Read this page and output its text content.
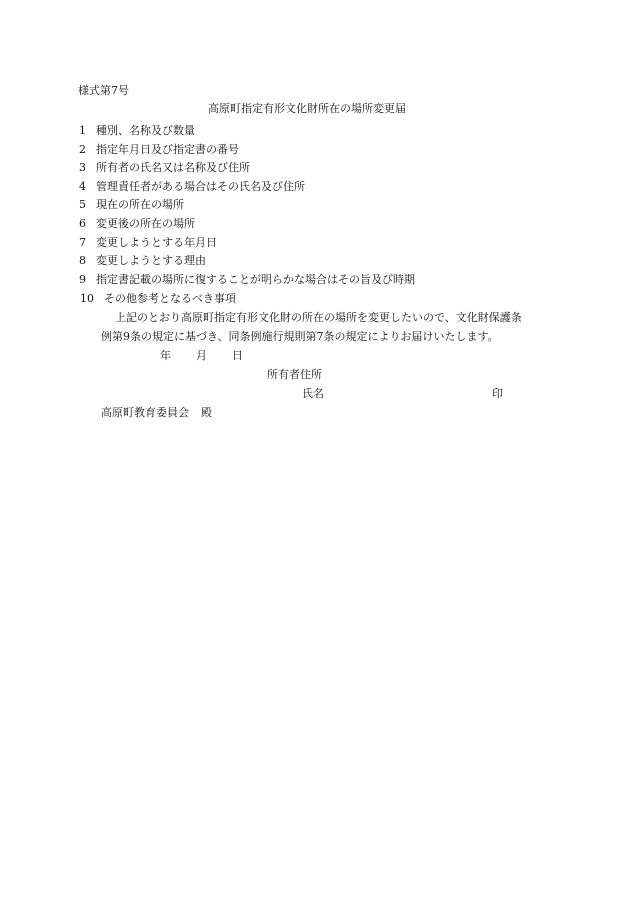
様式第7号
高原町指定有形文化財所在の場所変更届
1 種別、名称及び数量
2 指定年月日及び指定書の番号
3 所有者の氏名又は名称及び住所
4 管理責任者がある場合はその氏名及び住所
5 現在の所在の場所
6 変更後の所在の場所
7 変更しようとする年月日
8 変更しようとする理由
9 指定書記載の場所に復することが明らかな場合はその旨及び時期
10 その他参考となるべき事項
上記のとおり高原町指定有形文化財の所在の場所を変更したいので、文化財保護条
例第9条の規定に基づき、同条例施行規則第7条の規定によりお届けいたします。
年 月 日
所有者住所
氏名	印
高原町教育委員会 殿
